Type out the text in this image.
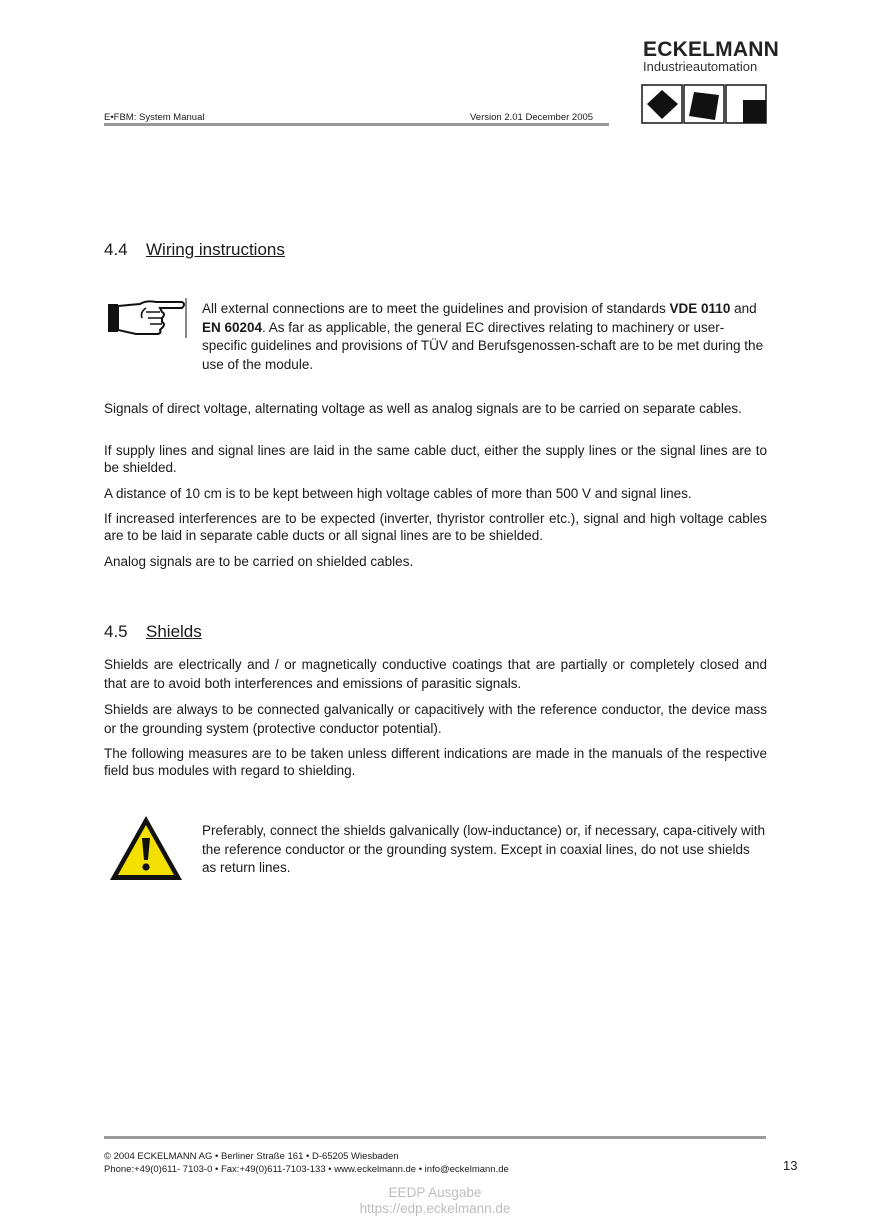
E•FBM: System Manual	Version 2.01 December 2005
ECKELMANN
Industrieautomation
4.4 Wiring instructions
All external connections are to meet the guidelines and provision of standards VDE 0110 and EN 60204. As far as applicable, the general EC directives relating to machinery or user-specific guidelines and provisions of TÜV and Berufsgenossen-schaft are to be met during the use of the module.
Signals of direct voltage, alternating voltage as well as analog signals are to be carried on separate cables.
If supply lines and signal lines are laid in the same cable duct, either the supply lines or the signal lines are to be shielded.
A distance of 10 cm is to be kept between high voltage cables of more than 500 V and signal lines.
If increased interferences are to be expected (inverter, thyristor controller etc.), signal and high voltage cables are to be laid in separate cable ducts or all signal lines are to be shielded.
Analog signals are to be carried on shielded cables.
4.5 Shields
Shields are electrically and / or magnetically conductive coatings that are partially or completely closed and that are to avoid both interferences and emissions of parasitic signals.
Shields are always to be connected galvanically or capacitively with the reference conductor, the device mass or the grounding system (protective conductor potential).
The following measures are to be taken unless different indications are made in the manuals of the respective field bus modules with regard to shielding.
Preferably, connect the shields galvanically (low-inductance) or, if necessary, capa-citively with the reference conductor or the grounding system. Except in coaxial lines, do not use shields as return lines.
© 2004 ECKELMANN AG • Berliner Straße 161 • D-65205 Wiesbaden
Phone:+49(0)611- 7103-0 • Fax:+49(0)611-7103-133 • www.eckelmann.de • info@eckelmann.de	13
EEDP Ausgabe
https://edp.eckelmann.de
